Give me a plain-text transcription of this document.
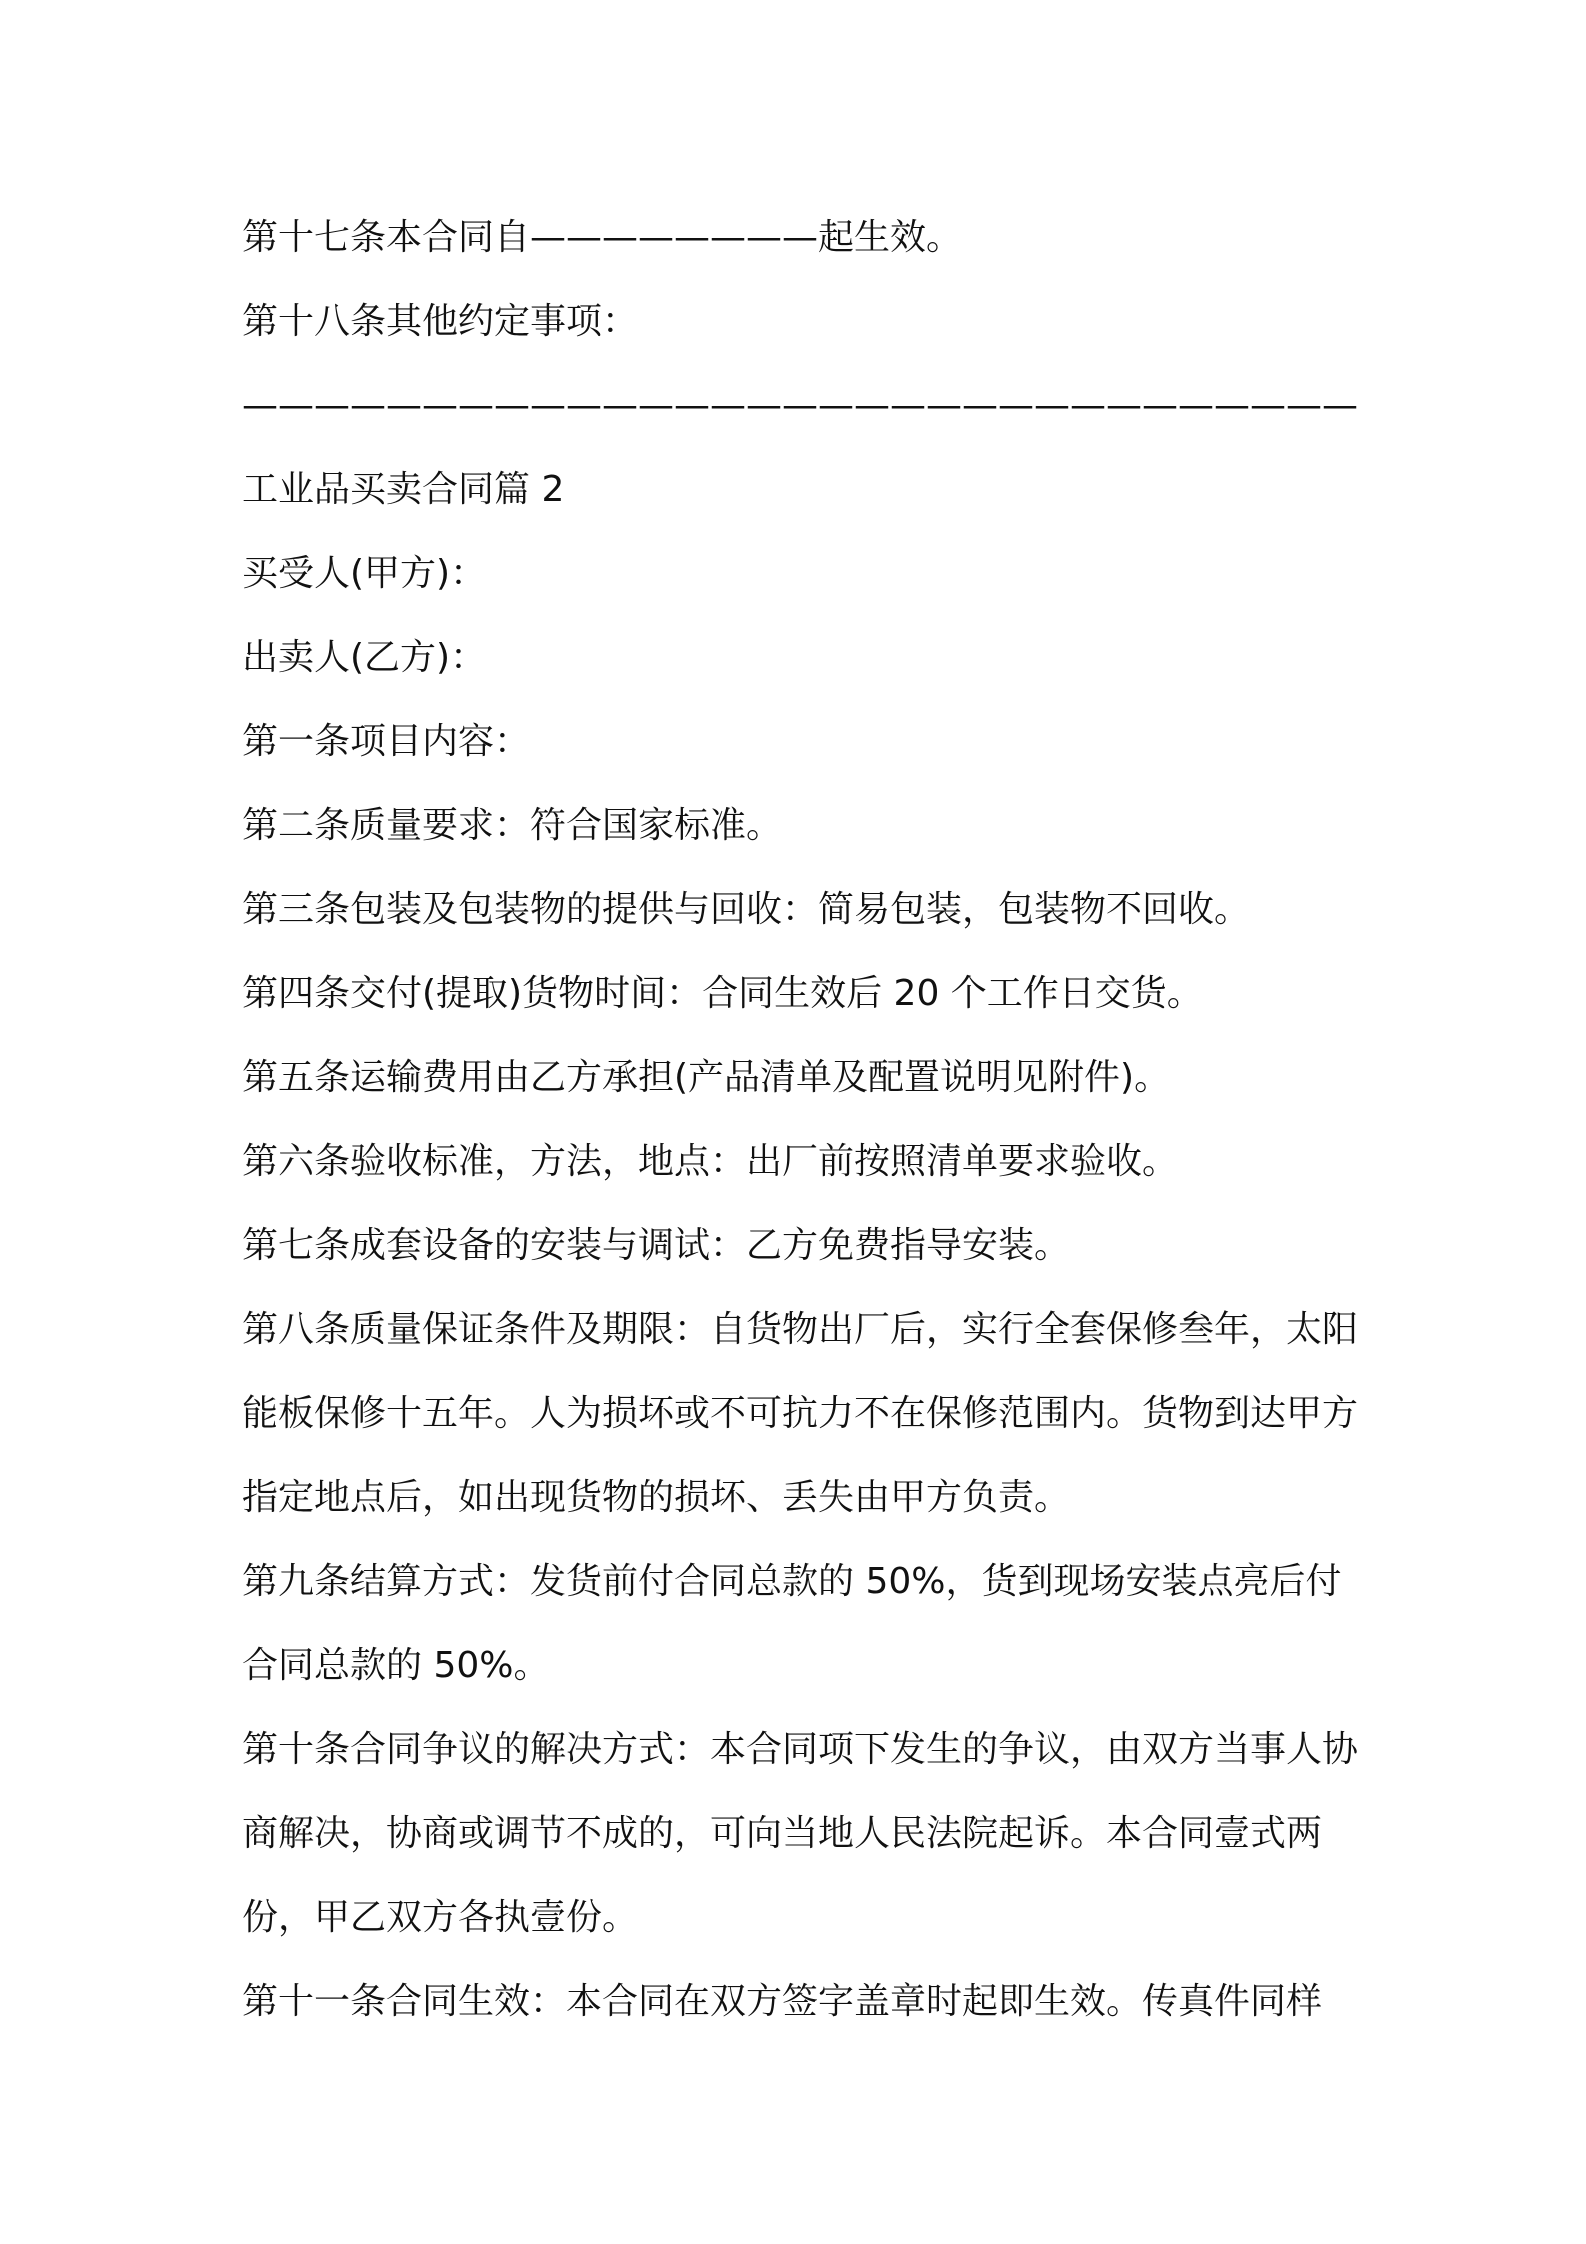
第十七条本合同自————————起生效。

第十八条其他约定事项：———————————————————————————————

工业品买卖合同篇 2

买受人(甲方)：

出卖人(乙方)：

第一条项目内容：

第二条质量要求：符合国家标准。

第三条包装及包装物的提供与回收：简易包装，包装物不回收。

第四条交付(提取)货物时间：合同生效后 20 个工作日交货。

第五条运输费用由乙方承担(产品清单及配置说明见附件)。

第六条验收标准，方法，地点：出厂前按照清单要求验收。

第七条成套设备的安装与调试：乙方免费指导安装。

第八条质量保证条件及期限：自货物出厂后，实行全套保修叁年，太阳能板保修十五年。人为损坏或不可抗力不在保修范围内。货物到达甲方指定地点后，如出现货物的损坏、丢失由甲方负责。

第九条结算方式：发货前付合同总款的 50%，货到现场安装点亮后付合同总款的 50%。

第十条合同争议的解决方式：本合同项下发生的争议，由双方当事人协商解决，协商或调节不成的，可向当地人民法院起诉。本合同壹式两份，甲乙双方各执壹份。

第十一条合同生效：本合同在双方签字盖章时起即生效。传真件同样
